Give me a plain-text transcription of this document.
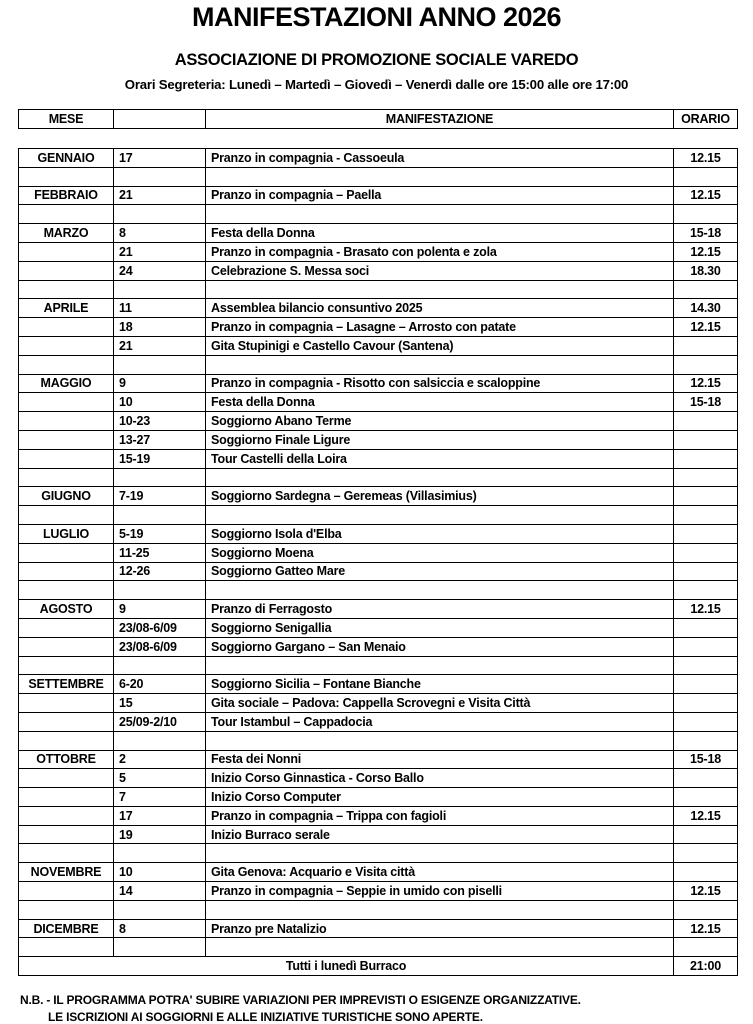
MANIFESTAZIONI ANNO 2026
ASSOCIAZIONE DI PROMOZIONE SOCIALE VAREDO
Orari Segreteria: Lunedì – Martedì – Giovedì – Venerdì dalle ore 15:00 alle ore 17:00
MESE		MANIFESTAZIONE	ORARIO
GENNAIO	17	Pranzo in compagnia - Cassoeula	12.15

FEBBRAIO	21	Pranzo in compagnia – Paella	12.15

MARZO	8	Festa della Donna	15-18
	21	Pranzo in compagnia - Brasato con polenta e zola	12.15
	24	Celebrazione S. Messa soci	18.30

APRILE	11	Assemblea bilancio consuntivo 2025	14.30
	18	Pranzo in compagnia – Lasagne – Arrosto con patate	12.15
	21	Gita Stupinigi e Castello Cavour (Santena)	

MAGGIO	9	Pranzo in compagnia - Risotto con salsiccia e scaloppine	12.15
	10	Festa della Donna	15-18
	10-23	Soggiorno Abano Terme	
	13-27	Soggiorno Finale Ligure	
	15-19	Tour Castelli della Loira	

GIUGNO	7-19	Soggiorno Sardegna – Geremeas (Villasimius)	

LUGLIO	5-19	Soggiorno Isola d'Elba	
	11-25	Soggiorno Moena	
	12-26	Soggiorno Gatteo Mare	

AGOSTO	9	Pranzo di Ferragosto	12.15
	23/08-6/09	Soggiorno Senigallia	
	23/08-6/09	Soggiorno Gargano – San Menaio	

SETTEMBRE	6-20	Soggiorno Sicilia – Fontane Bianche	
	15	Gita sociale – Padova: Cappella Scrovegni e Visita Città	
	25/09-2/10	Tour Istambul – Cappadocia	

OTTOBRE	2	Festa dei Nonni	15-18
	5	Inizio Corso Ginnastica - Corso Ballo	
	7	Inizio Corso Computer	
	17	Pranzo in compagnia – Trippa con fagioli	12.15
	19	Inizio Burraco serale	

NOVEMBRE	10	Gita Genova: Acquario e Visita città	
	14	Pranzo in compagnia – Seppie in umido con piselli	12.15

DICEMBRE	8	Pranzo pre Natalizio	12.15

Tutti i lunedì Burraco			21:00
N.B. - IL PROGRAMMA POTRA' SUBIRE VARIAZIONI PER IMPREVISTI O ESIGENZE ORGANIZZATIVE.
LE ISCRIZIONI AI SOGGIORNI E ALLE INIZIATIVE TURISTICHE SONO APERTE.
